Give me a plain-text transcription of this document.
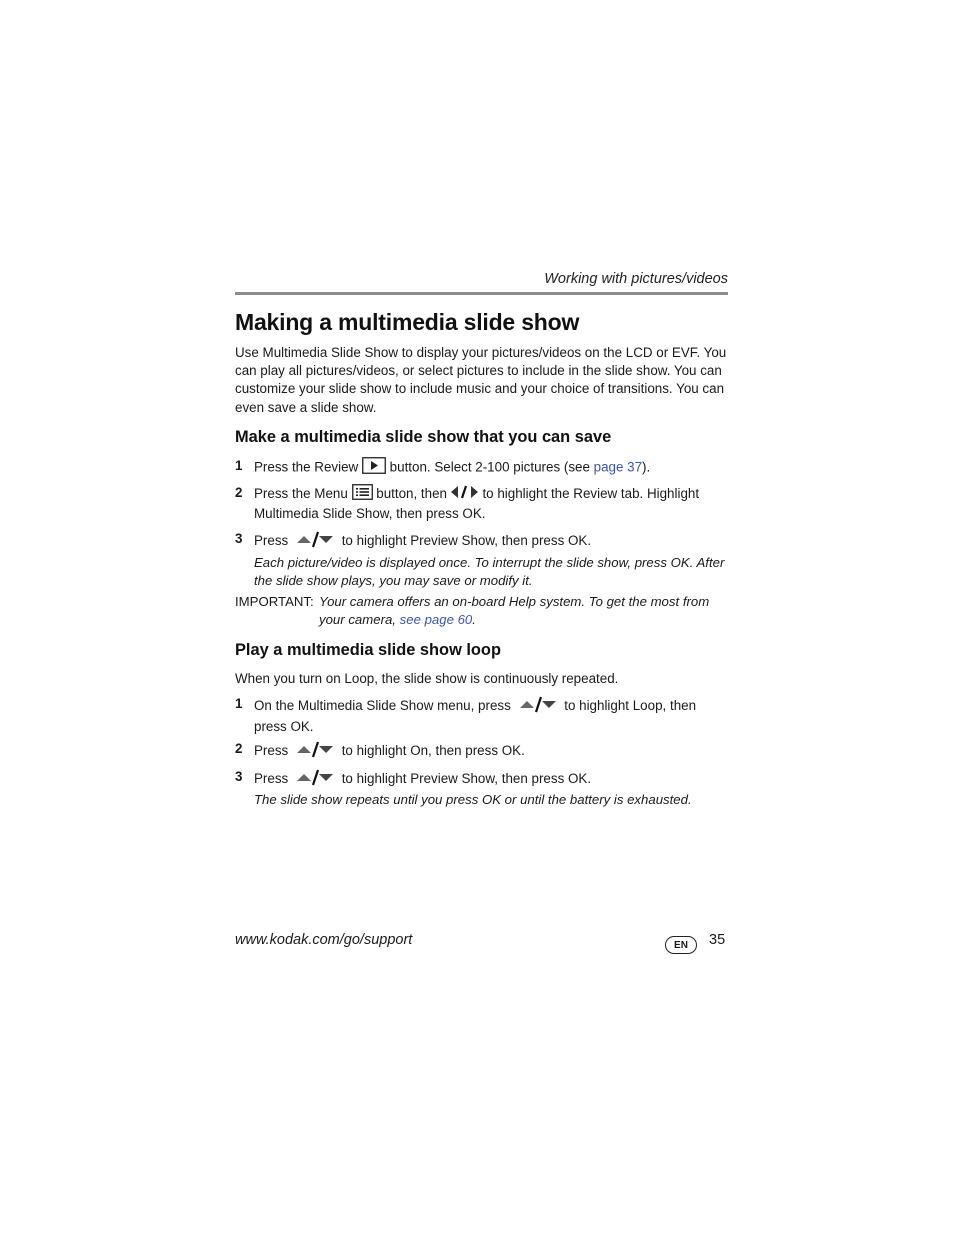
Working with pictures/videos
Making a multimedia slide show

Use Multimedia Slide Show to display your pictures/videos on the LCD or EVF. You can play all pictures/videos, or select pictures to include in the slide show. You can customize your slide show to include music and your choice of transitions. You can even save a slide show.

Make a multimedia slide show that you can save
1 Press the Review button. Select 2-100 pictures (see page 37).
2 Press the Menu button, then	to highlight the Review tab. Highlight Multimedia Slide Show, then press OK.
3 Press	to highlight Preview Show, then press OK.
Each picture/video is displayed once. To interrupt the slide show, press OK. After the slide show plays, you may save or modify it.
IMPORTANT: Your camera offers an on-board Help system. To get the most from your camera, see page 60.
Play a multimedia slide show loop
When you turn on Loop, the slide show is continuously repeated.
1 On the Multimedia Slide Show menu, press	to highlight Loop, then press OK.
2 Press	to highlight On, then press OK.
3 Press	to highlight Preview Show, then press OK.
The slide show repeats until you press OK or until the battery is exhausted.
www.kodak.com/go/support	EN	35
